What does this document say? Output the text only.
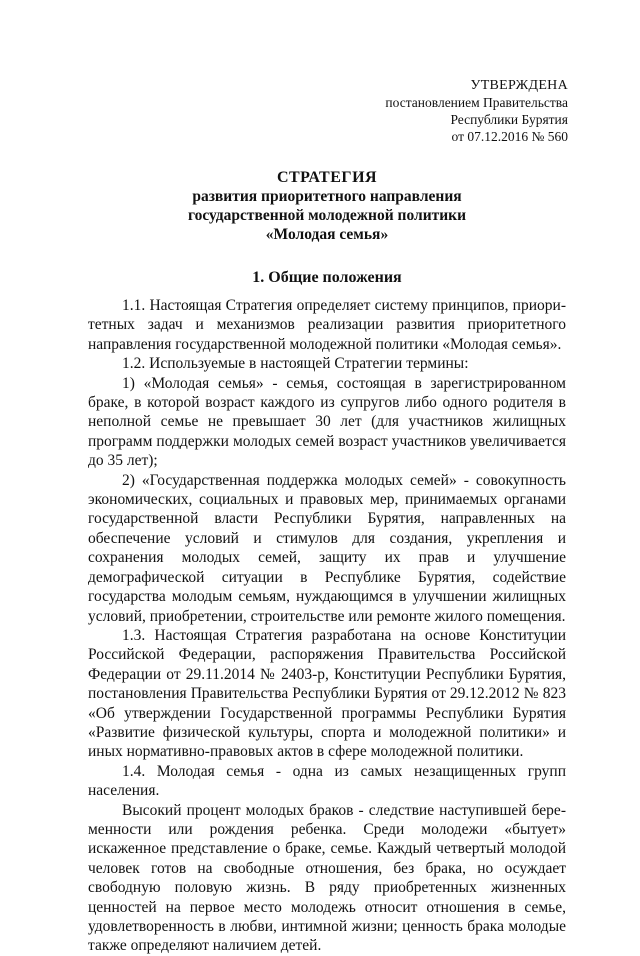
УТВЕРЖДЕНА
постановлением Правительства
Республики Бурятия
от 07.12.2016 № 560
СТРАТЕГИЯ
развития приоритетного направления
государственной молодежной политики
«Молодая семья»
1. Общие положения

1.1. Настоящая Стратегия определяет систему принципов, приоритетных задач и механизмов реализации развития приоритетного направления государственной молодежной политики «Молодая семья».

1.2. Используемые в настоящей Стратегии термины:

1) «Молодая семья» - семья, состоящая в зарегистрированном браке, в которой возраст каждого из супругов либо одного родителя в неполной семье не превышает 30 лет (для участников жилищных программ поддержки молодых семей возраст участников увеличивается до 35 лет);

2) «Государственная поддержка молодых семей» - совокупность экономических, социальных и правовых мер, принимаемых органами государственной власти Республики Бурятия, направленных на обеспечение условий и стимулов для создания, укрепления и сохранения молодых семей, защиту их прав и улучшение демографической ситуации в Республике Бурятия, содействие государства молодым семьям, нуждающимся в улучшении жилищных условий, приобретении, строительстве или ремонте жилого помещения.

1.3. Настоящая Стратегия разработана на основе Конституции Российской Федерации, распоряжения Правительства Российской Федерации от 29.11.2014 № 2403-р, Конституции Республики Бурятия, постановления Правительства Республики Бурятия от 29.12.2012 № 823 «Об утверждении Государственной программы Республики Бурятия «Развитие физической культуры, спорта и молодежной политики» и иных нормативно-правовых актов в сфере молодежной политики.

1.4. Молодая семья - одна из самых незащищенных групп населения.

Высокий процент молодых браков - следствие наступившей беременности или рождения ребенка. Среди молодежи «бытует» искаженное представление о браке, семье. Каждый четвертый молодой человек готов на свободные отношения, без брака, но осуждает свободную половую жизнь. В ряду приобретенных жизненных ценностей на первое место молодежь относит отношения в семье, удовлетворенность в любви, интимной жизни; ценность брака молодые также определяют наличием детей.
